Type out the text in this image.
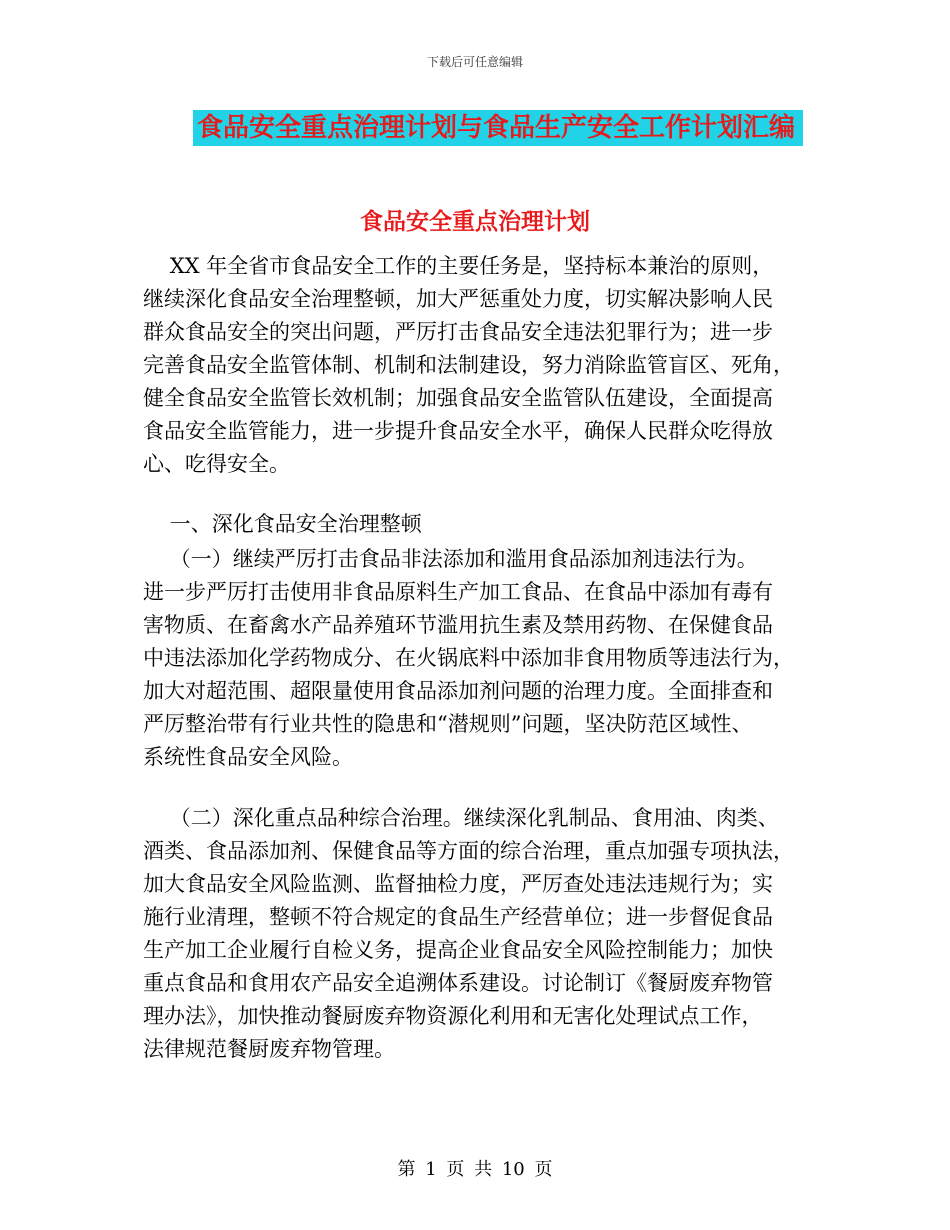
下载后可任意编辑
食品安全重点治理计划与食品生产安全工作计划汇编
食品安全重点治理计划
XX 年全省市食品安全工作的主要任务是，坚持标本兼治的原则，
继续深化食品安全治理整顿，加大严惩重处力度，切实解决影响人民
群众食品安全的突出问题，严厉打击食品安全违法犯罪行为；进一步
完善食品安全监管体制、机制和法制建设，努力消除监管盲区、死角，
健全食品安全监管长效机制；加强食品安全监管队伍建设，全面提高
食品安全监管能力，进一步提升食品安全水平，确保人民群众吃得放
心、吃得安全。
一、深化食品安全治理整顿
（一）继续严厉打击食品非法添加和滥用食品添加剂违法行为。
进一步严厉打击使用非食品原料生产加工食品、在食品中添加有毒有
害物质、在畜禽水产品养殖环节滥用抗生素及禁用药物、在保健食品
中违法添加化学药物成分、在火锅底料中添加非食用物质等违法行为，
加大对超范围、超限量使用食品添加剂问题的治理力度。全面排查和
严厉整治带有行业共性的隐患和“潜规则”问题，坚决防范区域性、
系统性食品安全风险。
（二）深化重点品种综合治理。继续深化乳制品、食用油、肉类、
酒类、食品添加剂、保健食品等方面的综合治理，重点加强专项执法，
加大食品安全风险监测、监督抽检力度，严厉查处违法违规行为；实
施行业清理，整顿不符合规定的食品生产经营单位；进一步督促食品
生产加工企业履行自检义务，提高企业食品安全风险控制能力；加快
重点食品和食用农产品安全追溯体系建设。讨论制订《餐厨废弃物管
理办法》，加快推动餐厨废弃物资源化利用和无害化处理试点工作，
法律规范餐厨废弃物管理。
第 1 页 共 10 页
